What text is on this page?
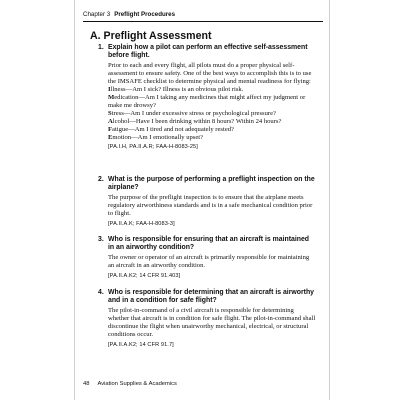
Chapter 3 Preflight Procedures
A. Preflight Assessment
1. Explain how a pilot can perform an effective self-assessment before flight.

Prior to each and every flight, all pilots must do a proper physical self-assessment to ensure safety. One of the best ways to accomplish this is to use the IMSAFE checklist to determine physical and mental readiness for flying:

Illness—Am I sick? Illness is an obvious pilot risk.

Medication—Am I taking any medicines that might affect my judgment or make me drowsy?

Stress—Am I under excessive stress or psychological pressure?

Alcohol—Have I been drinking within 8 hours? Within 24 hours?

Fatigue—Am I tired and not adequately rested?

Emotion—Am I emotionally upset?

[PA.I.H, PA.II.A.R; FAA-H-8083-25]
2. What is the purpose of performing a preflight inspection on the airplane?
The purpose of the preflight inspection is to ensure that the airplane meets regulatory airworthiness standards and is in a safe mechanical condition prior to flight.
[PA.II.A.K; FAA-H-8083-3]
3. Who is responsible for ensuring that an aircraft is maintained in an airworthy condition?
The owner or operator of an aircraft is primarily responsible for maintaining an aircraft in an airworthy condition.
[PA.II.A.K2; 14 CFR 91.403]
4. Who is responsible for determining that an aircraft is airworthy and in a condition for safe flight?
The pilot-in-command of a civil aircraft is responsible for determining whether that aircraft is in condition for safe flight. The pilot-in-command shall discontinue the flight when unairworthy mechanical, electrical, or structural conditions occur.
[PA.II.A.K2; 14 CFR 91.7]
48 Aviation Supplies & Academics
